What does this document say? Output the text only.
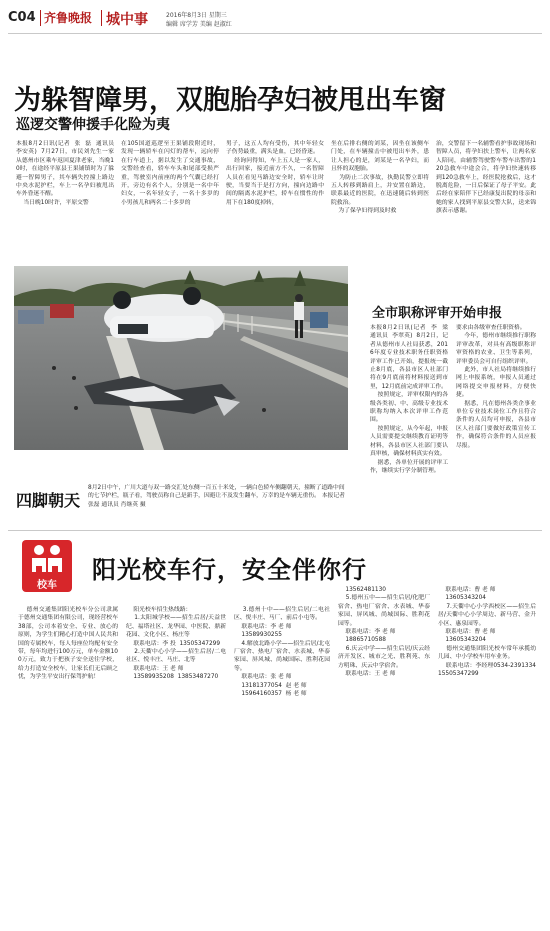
C04 齐鲁晚报 城中事	2016年8月3日 星期三
编辑 席学芳 美编 赵淑红
为躲智障男，双胞胎孕妇被甩出车窗
巡逻交警伸援手化险为夷
本报8月2日讯(记者  张  磊  通讯员  李安英)  7月27日，市民刘先生一家从德州市区乘车返回夏津老家，当晚10时，在途经平原县王果铺镇时为了躲避一智障男子，其车辆失控撞上路边中央水泥护栏，车上一名孕妇被甩出车外昏迷不醒。
当日晚10时许，平原交警
在105国道巡逻至王果铺段附近时，发现一辆轿车在闪灯的帮车，远向停在行车道上，据以发生了交通事故，交警经查看，轿车车头和尾部受损严重，驾驶室内前座的两个气囊已经打开，旁边有名个人，分别是一名中年妇女，一名年轻女子，一名十多岁的小男孩儿和两名二十多岁的
男子，这五人均有受伤，其中年轻女子伤势最重，满头是血，已经昏迷。
经询问得知，车上五人是一家人，出行回家，接近前方不久，一名智障人员在看见马路边安全时，轿车让时驶，当要当于是打方向，撞向边路中间的隔离水泥护栏，轿车在惯性的作用下在180度掉转，
坐在后排右侧的刘某，因坐在该侧车门处，在车辆撞击中被甩出车外，患让人担心的是，刘某是一名孕妇，而且怀的双胞胎。
为防止二次事故，执勤民警立即将五人转移到路肩上，并安置在路边，联系最近的医院，在迅速随后转到医院救治。
为了保孕妇得到及时救
治，交警留下一名辅警看护事故现场和智障人员，将孕妇扶上警车，让两名家人陪同，由辅警驾驶警车警车出警的120急救车中途会合，将孕妇快速转移到120急救车上，经医院抢救后，这才脱离危险，一日后保证了母子平安。此后经在家陪伴下已经康复出院的母亲和她的家人找到平原县交警大队，送来锦旗表示感谢。
四脚朝天
8月2日中午，广川大道与双一路交汇处东侧一百五十米处，一辆白色轿车侧翻朝天，撞断了道路中间的七节护栏，瓶子看，驾驶员称自己是新手，因避让不及发生翻车，万幸的是车辆无重伤。 本报记者 张磊 通讯员 肖继英 摄
全市职称评审开始申报
本报8月2日讯(记者  李  梁  通讯员  李翠英)  8月2日，记者从德州市人社局获悉，2016年度专业技术职务任职资格评审工作已开始，提报统一截止8月底，各县市区人社部门将在9月底前将材料报送到市里，12月底前完成评审工作。
按照规定，评审权限内的各级各类初、中、高级专业技术职称均纳入本次评审工作范围。
按照规定，从今年起，申报人员需要提交继续教育证明等材料，各县市区人社部门要认真审核，确保材料真实有效。
据悉，各单位开展的评审工作，继续实行学分制管理。
要求由各级审查任职资格。
今年，德州市继续推行职称评审改革，对具有高级职称评审资格的农业、卫生等系列，评审委员会可自行组织评审。
此外，市人社局将继续推行网上申报系统，申报人员通过网络提交申报材料，方便快捷。
据悉，凡在德州各类企事业单位专业技术岗位工作且符合条件的人员均可申报，各县市区人社部门要做好政策宣传工作，确保符合条件的人员应报尽报。
校车
阳光校车行，安全伴你行
德州交通集团阳光校车分公司隶属于德州交通集团有限公司，现经营校车38部，公司本着安全、专业、放心的原则，为学生们精心打造中国人民共和国的专属校车，每人每座位均配有安全带，每年均进行100万元，单车金额100万元，致力于把孩子安全送往学校，给力打造安全校车，让家长们无后顾之忧，为学生平安出行保驾护航！
阳光校车招生热线路：
1.太阳城学校——招生后居/天益世纪、福塔社区、龙华园、中医院、鼎新花园、文化小区、杨庄等
联系电话：李 投  13505347299
2.天衢中心小学——招生后居/二电社区、悦丰庄、马庄、北等
联系电话：王 老 师
13589935208  13853487270
3.德州十中——招生后居/二电社区、悦丰庄、马厂、前后小屯等。
联系电话：李 老 师
13589930255
4.解放北路小学——招生后居/北屯厂宿舍、热电厂宿舍、水表城、华泰家园、屏风城、尚城国际、胜利花园等。
联系电话：张 老 师
13181377054  赵 老 师
15964160357  杨 老 师
13562481130
5.德州五中——招生后居/化肥厂宿舍、热电厂宿舍、水表城、华泰家园、屏风城、尚城国际、胜利花园等。
联系电话：李 老 师
18865710588
6.庆云中学——招生后居/庆云经济开发区、城市之光、胜利苑、东方明珠、庆云中学宿舍。
联系电话：王 老 师
联系电话：曹 老 师
13605343204
7.天衢中心小学西校区——招生后居/天衢中心小学周边、新马营、金升小区、惠泉园等。
联系电话：曹 老 师
13605343204
德州交通集团阳光校车常年承揽幼儿园、中小学校车用车业务。
联系电话：李经理0534-2391334  15505347299
